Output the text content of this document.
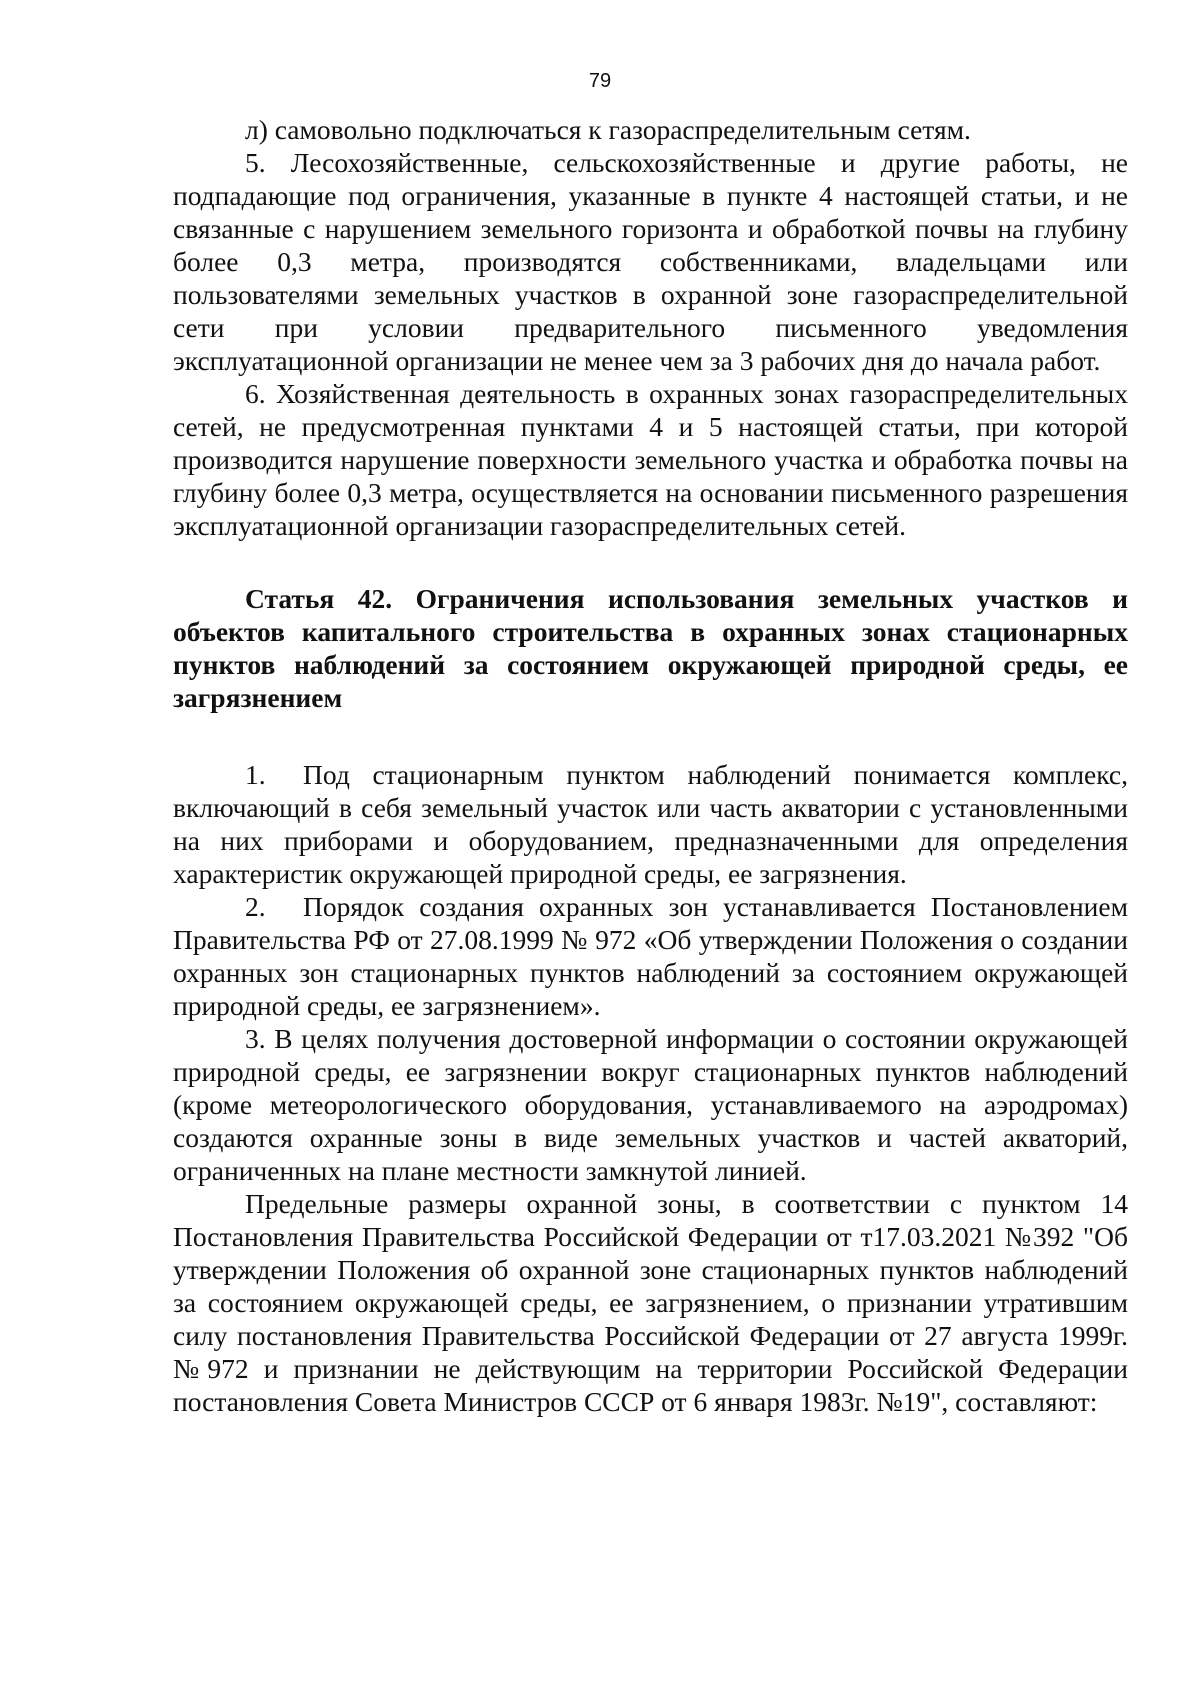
79

л) самовольно подключаться к газораспределительным сетям.

5. Лесохозяйственные, сельскохозяйственные и другие работы, не подпадающие под ограничения, указанные в пункте 4 настоящей статьи, и не связанные с нарушением земельного горизонта и обработкой почвы на глубину более 0,3 метра, производятся собственниками, владельцами или пользователями земельных участков в охранной зоне газораспределительной сети при условии предварительного письменного уведомления эксплуатационной организации не менее чем за 3 рабочих дня до начала работ.

6. Хозяйственная деятельность в охранных зонах газораспределительных сетей, не предусмотренная пунктами 4 и 5 настоящей статьи, при которой производится нарушение поверхности земельного участка и обработка почвы на глубину более 0,3 метра, осуществляется на основании письменного разрешения эксплуатационной организации газораспределительных сетей.

Статья 42. Ограничения использования земельных участков и объектов капитального строительства в охранных зонах стационарных пунктов наблюдений за состоянием окружающей природной среды, ее загрязнением

1. Под стационарным пунктом наблюдений понимается комплекс, включающий в себя земельный участок или часть акватории с установленными на них приборами и оборудованием, предназначенными для определения характеристик окружающей природной среды, ее загрязнения.

2. Порядок создания охранных зон устанавливается Постановлением Правительства РФ от 27.08.1999 № 972 «Об утверждении Положения о создании охранных зон стационарных пунктов наблюдений за состоянием окружающей природной среды, ее загрязнением».

3. В целях получения достоверной информации о состоянии окружающей природной среды, ее загрязнении вокруг стационарных пунктов наблюдений (кроме метеорологического оборудования, устанавливаемого на аэродромах) создаются охранные зоны в виде земельных участков и частей акваторий, ограниченных на плане местности замкнутой линией.

Предельные размеры охранной зоны, в соответствии с пунктом 14 Постановления Правительства Российской Федерации от т17.03.2021 №392 "Об утверждении Положения об охранной зоне стационарных пунктов наблюдений за состоянием окружающей среды, ее загрязнением, о признании утратившим силу постановления Правительства Российской Федерации от 27 августа 1999г. №972 и признании не действующим на территории Российской Федерации постановления Совета Министров СССР от 6 января 1983г. №19", составляют:
